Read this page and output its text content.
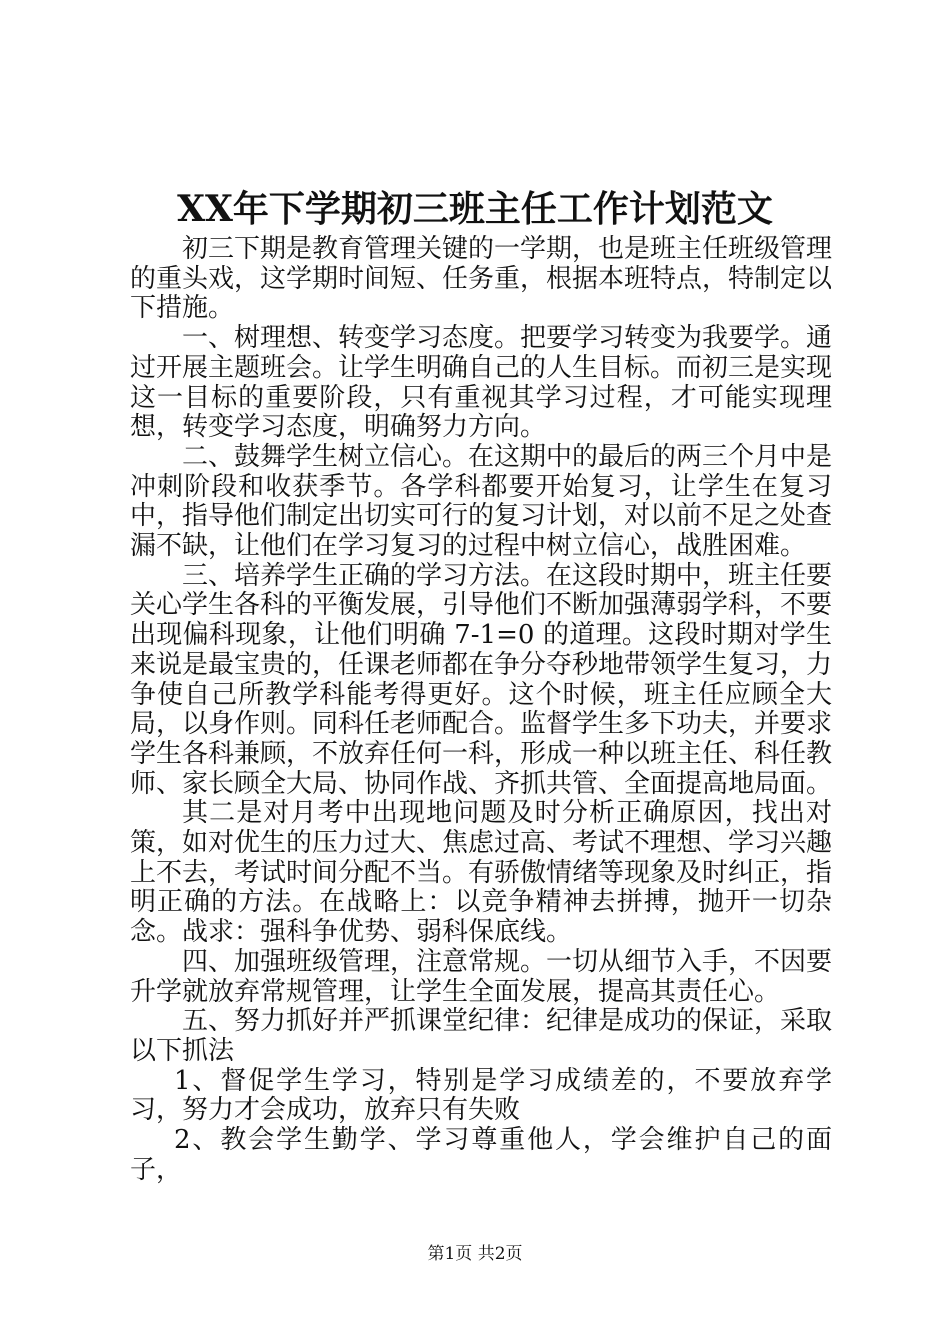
XX年下学期初三班主任工作计划范文

初三下期是教育管理关键的一学期，也是班主任班级管理的重头戏，这学期时间短、任务重，根据本班特点，特制定以下措施。

一、树理想、转变学习态度。把要学习转变为我要学。通过开展主题班会。让学生明确自己的人生目标。而初三是实现这一目标的重要阶段，只有重视其学习过程，才可能实现理想，转变学习态度，明确努力方向。

二、鼓舞学生树立信心。在这期中的最后的两三个月中是冲刺阶段和收获季节。各学科都要开始复习，让学生在复习中，指导他们制定出切实可行的复习计划，对以前不足之处查漏不缺，让他们在学习复习的过程中树立信心，战胜困难。

三、培养学生正确的学习方法。在这段时期中，班主任要关心学生各科的平衡发展，引导他们不断加强薄弱学科，不要出现偏科现象，让他们明确 7-1=0 的道理。这段时期对学生来说是最宝贵的，任课老师都在争分夺秒地带领学生复习，力争使自己所教学科能考得更好。这个时候，班主任应顾全大局，以身作则。同科任老师配合。监督学生多下功夫，并要求学生各科兼顾，不放弃任何一科，形成一种以班主任、科任教师、家长顾全大局、协同作战、齐抓共管、全面提高地局面。

其二是对月考中出现地问题及时分析正确原因，找出对策，如对优生的压力过大、焦虑过高、考试不理想、学习兴趣上不去，考试时间分配不当。有骄傲情绪等现象及时纠正，指明正确的方法。在战略上：以竞争精神去拼搏，抛开一切杂念。战求：强科争优势、弱科保底线。

四、加强班级管理，注意常规。一切从细节入手，不因要升学就放弃常规管理，让学生全面发展，提高其责任心。

五、努力抓好并严抓课堂纪律：纪律是成功的保证，采取以下抓法

1、督促学生学习，特别是学习成绩差的，不要放弃学习，努力才会成功，放弃只有失败

2、教会学生勤学、学习尊重他人，学会维护自己的面子，

第1页 共2页
